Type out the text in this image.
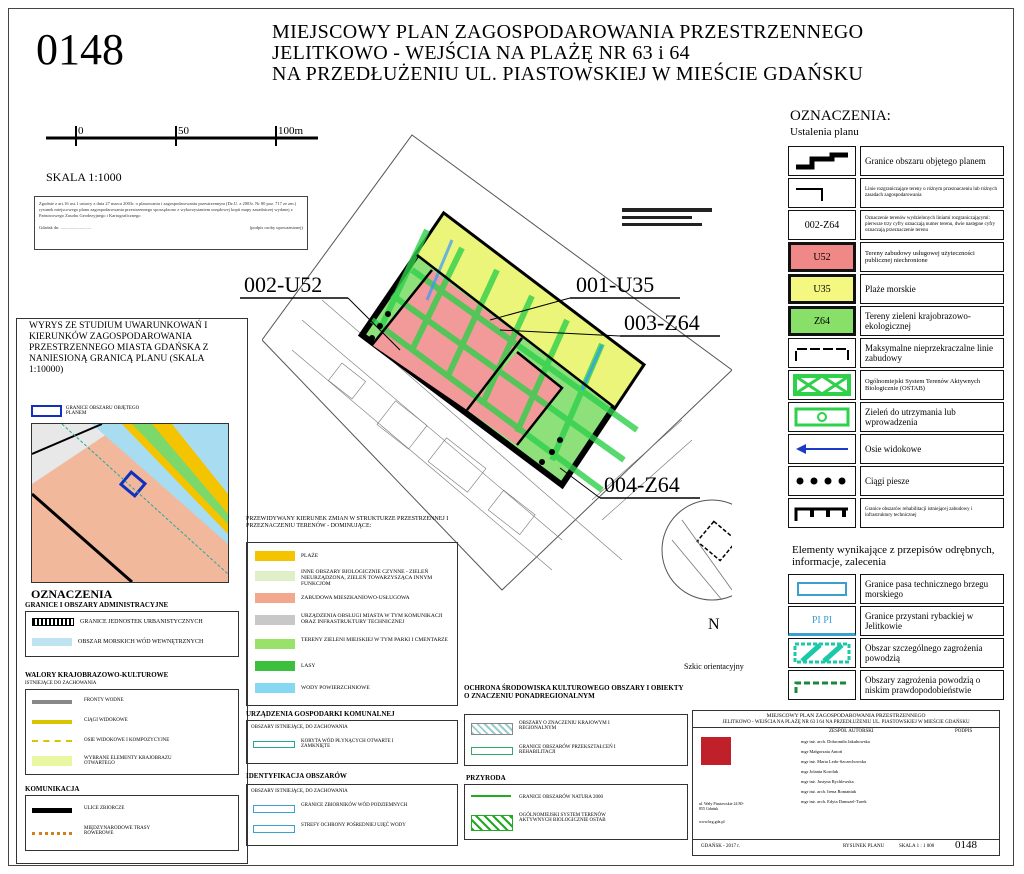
0148	MIEJSCOWY PLAN ZAGOSPODAROWANIA PRZESTRZENNEGO
JELITKOWO - WEJŚCIA NA PLAŻĘ NR 63 i 64
NA PRZEDŁUŻENIU UL. PIASTOWSKIEJ W MIEŚCIE GDAŃSKU
0	50	100m
SKALA 1:1000
Zgodnie z art.16 ust.1 ustawy z dnia 27 marca 2003r. o planowaniu i zagospodarowaniu przestrzennym (Dz.U. z 2003r. Nr 80 poz. 717 ze zm.) rysunek miejscowego planu zagospodarowania przestrzennego sporządzono z wykorzystaniem urzędowej kopii mapy zasadniczej wydanej z Państwowego Zasobu Geodezyjnego i Kartograficznego
Gdańsk dn. ...........................	(podpis osoby upoważnionej)
002-U52	001-U35
003-Z64
004-Z64
Szkic orientacyjny
N
WYRYS ZE STUDIUM UWARUNKOWAŃ I KIERUNKÓW ZAGOSPODAROWANIA PRZESTRZENNEGO MIASTA GDAŃSKA Z NANIESIONĄ GRANICĄ PLANU (SKALA 1:10000)
GRANICE OBSZARU OBJĘTEGO PLANEM
OZNACZENIA
GRANICE I OBSZARY ADMINISTRACYJNE
GRANICE JEDNOSTEK URBANISTYCZNYCH
OBSZAR MORSKICH WÓD WEWNĘTRZNYCH
WALORY KRAJOBRAZOWO-KULTUROWE
ISTNIEJĄCE DO ZACHOWANIA
FRONTY WODNE
CIĄGI WIDOKOWE
OSIE WIDOKOWE I KOMPOZYCYJNE
WYBRANE ELEMENTY KRAJOBRAZU OTWARTEGO
KOMUNIKACJA
ULICE ZBIORCZE
MIĘDZYNARODOWE TRASY ROWEROWE
PRZEWIDYWANY KIERUNEK ZMIAN W STRUKTURZE PRZESTRZENNEJ I PRZEZNACZENIU TERENÓW - DOMINUJĄCE:
PLAŻE
INNE OBSZARY BIOLOGICZNIE CZYNNE - ZIELEŃ NIEURZĄDZONA, ZIELEŃ TOWARZYSZĄCA INNYM FUNKCJOM
ZABUDOWA MIESZKANIOWO-USŁUGOWA
URZĄDZENIA OBSŁUGI MIASTA W TYM KOMUNIKACJI ORAZ INFRASTRUKTURY TECHNICZNEJ
TERENY ZIELENI MIEJSKIEJ W TYM PARKI I CMENTARZE
LASY
WODY POWIERZCHNIOWE
URZĄDZENIA GOSPODARKI KOMUNALNEJ
OBSZARY ISTNIEJĄCE, DO ZACHOWANIA
KORYTA WÓD PŁYNĄCYCH OTWARTE I ZAMKNIĘTE
IDENTYFIKACJA OBSZARÓW
OBSZARY ISTNIEJĄCE, DO ZACHOWANIA
GRANICE ZBIORNIKÓW WÓD PODZIEMNYCH
STREFY OCHRONY POŚREDNIEJ UJĘĆ WODY
OCHRONA ŚRODOWISKA KULTUROWEGO OBSZARY I OBIEKTY O ZNACZENIU PONADREGIONALNYM
OBSZARY O ZNACZENIU KRAJOWYM I REGIONALNYM
GRANICE OBSZARÓW PRZEKSZTAŁCEŃ I REHABILITACJI
PRZYRODA
GRANICE OBSZARÓW NATURA 2000
OGÓLNOMIEJSKI SYSTEM TERENÓW AKTYWNYCH BIOLOGICZNIE OSTAB
OZNACZENIA:
Ustalenia planu
Granice obszaru objętego planem
Linie rozgraniczające tereny o różnym przeznaczeniu lub różnych zasadach zagospodarowania
002-Z64
Oznaczenie terenów wydzielonych liniami rozgraniczającymi: pierwsze trzy cyfry oznaczają numer terenu, dwie następne cyfry oznaczają przeznaczenie terenu
U52	Tereny zabudowy usługowej użyteczności publicznej niechronione
U35	Plaże morskie
Z64	Tereny zieleni krajobrazowo-ekologicznej
Maksymalne nieprzekraczalne linie zabudowy
Ogólnomiejski System Terenów Aktywnych Biologicznie (OSTAB)
Zieleń do utrzymania lub wprowadzenia
Osie widokowe
Ciągi piesze
Granice obszarów rehabilitacji istniejącej zabudowy i infrastruktury technicznej
Elementy wynikające z przepisów odrębnych, informacje, zalecenia
Granice pasa technicznego brzegu morskiego
PI PI	Granice przystani rybackiej w Jelitkowie
Obszar szczególnego zagrożenia powodzią
Obszary zagrożenia powodzią o niskim prawdopodobieństwie
MIEJSCOWY PLAN ZAGOSPODAROWANIA PRZESTRZENNEGO
JELITKOWO - WEJŚCIA NA PLAŻĘ NR 63 I 64 NA PRZEDŁUŻENIU UL. PIASTOWSKIEJ W MIEŚCIE GDAŃSKU
ul. Wały Piastowskie 24 80-855 Gdańsk
www.brg.gda.pl
ZESPÓŁ AUTORSKI	PODPIS
mgr inż. arch. Dobromiła Jakubowska
mgr Małgorzata Antoń
mgr inż. Marta Ledo-Szczechowska
mgr Jolanta Koroluk
mgr inż. Justyna Rychlewska
mgr inż. arch. Irena Romaniuk
mgr inż. arch. Edyta Damszel-Turek
GDAŃSK - 2017 r.	RYSUNEK PLANU	SKALA 1 : 1 000 0148
